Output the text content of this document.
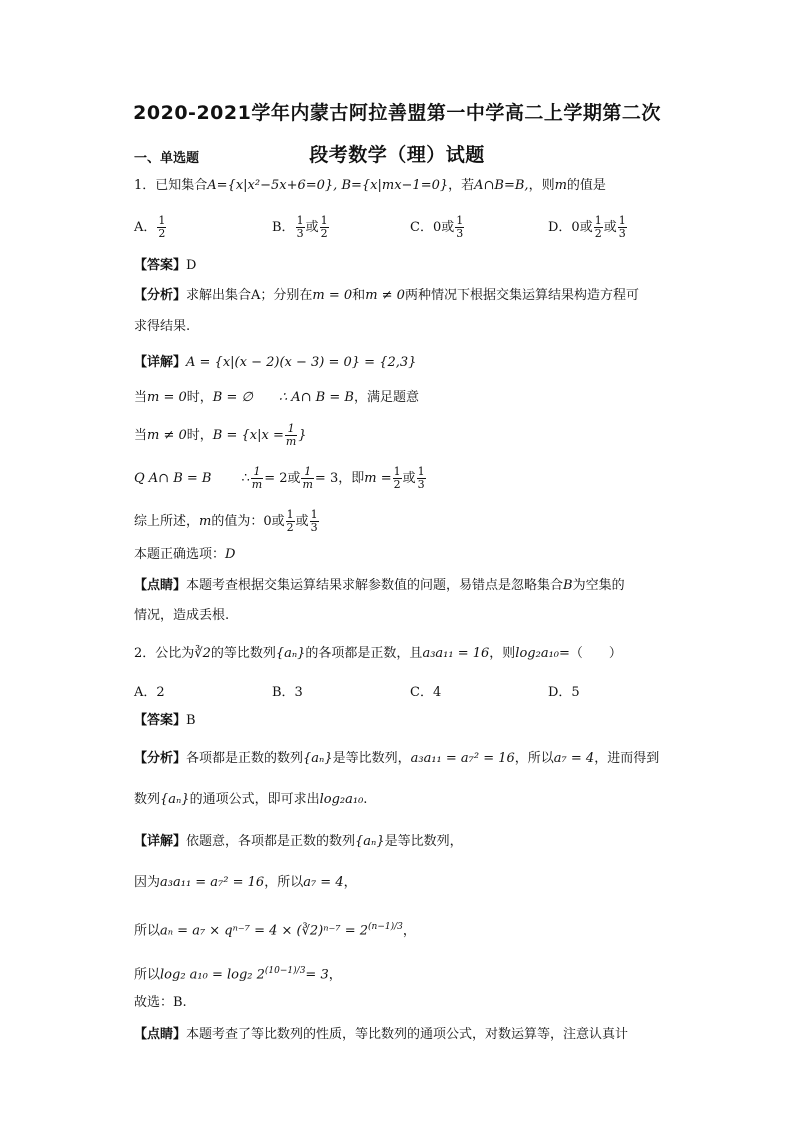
2020-2021学年内蒙古阿拉善盟第一中学高二上学期第二次
段考数学（理）试题
一、单选题
1．已知集合A={x|x²−5x+6=0}, B={x|mx−1=0}，若A∩B=B,，则m的值是
A． $\frac{1}{2}$	B． $\frac{1}{3}$ 或 $\frac{1}{2}$	C．0或 $\frac{1}{3}$	D．0或 $\frac{1}{2}$ 或 $\frac{1}{3}$
【答案】D
【分析】求解出集合A；分别在m = 0和m ≠ 0两种情况下根据交集运算结果构造方程可
求得结果.
【详解】A = {x|(x − 2)(x − 3) = 0} = {2,3}
当m = 0时，B = ∅ ∴ A∩ B = B，满足题意
当m ≠ 0时，$B = \{x|x = \frac{1}{m}$ }
Q A∩ B = B ∴ $\frac{1}{m} = 2$或 $\frac{1}{m} = 3$，即$m = \frac{1}{2}$ 或 $\frac{1}{3}$
综上所述，m的值为：0或 $\frac{1}{2}$ 或 $\frac{1}{3}$
本题正确选项：D
【点睛】本题考查根据交集运算结果求解参数值的问题，易错点是忽略集合B为空集的
情况，造成丢根.
2．公比为∛2的等比数列{aₙ}的各项都是正数，且a₃a₁₁ = 16，则log₂a₁₀=（　　）
A．2	B．3	C．4	D．5
【答案】B
【分析】各项都是正数的数列{aₙ}是等比数列，a₃a₁₁ = a₇² = 16，所以a₇ = 4，进而得到
数列{aₙ}的通项公式，即可求出log₂a₁₀.
【详解】依题意，各项都是正数的数列{aₙ}是等比数列，
因为a₃a₁₁ = a₇² = 16，所以a₇ = 4，
所以aₙ = a₇ × qⁿ⁻⁷ = 4 × (∛2)ⁿ⁻⁷ = $2^{(n-1)/3}$，
所以log₂ a₁₀ = log₂ $2^{(10-1)/3}= 3$，
故选：B.
【点睛】本题考查了等比数列的性质，等比数列的通项公式，对数运算等，注意认真计
